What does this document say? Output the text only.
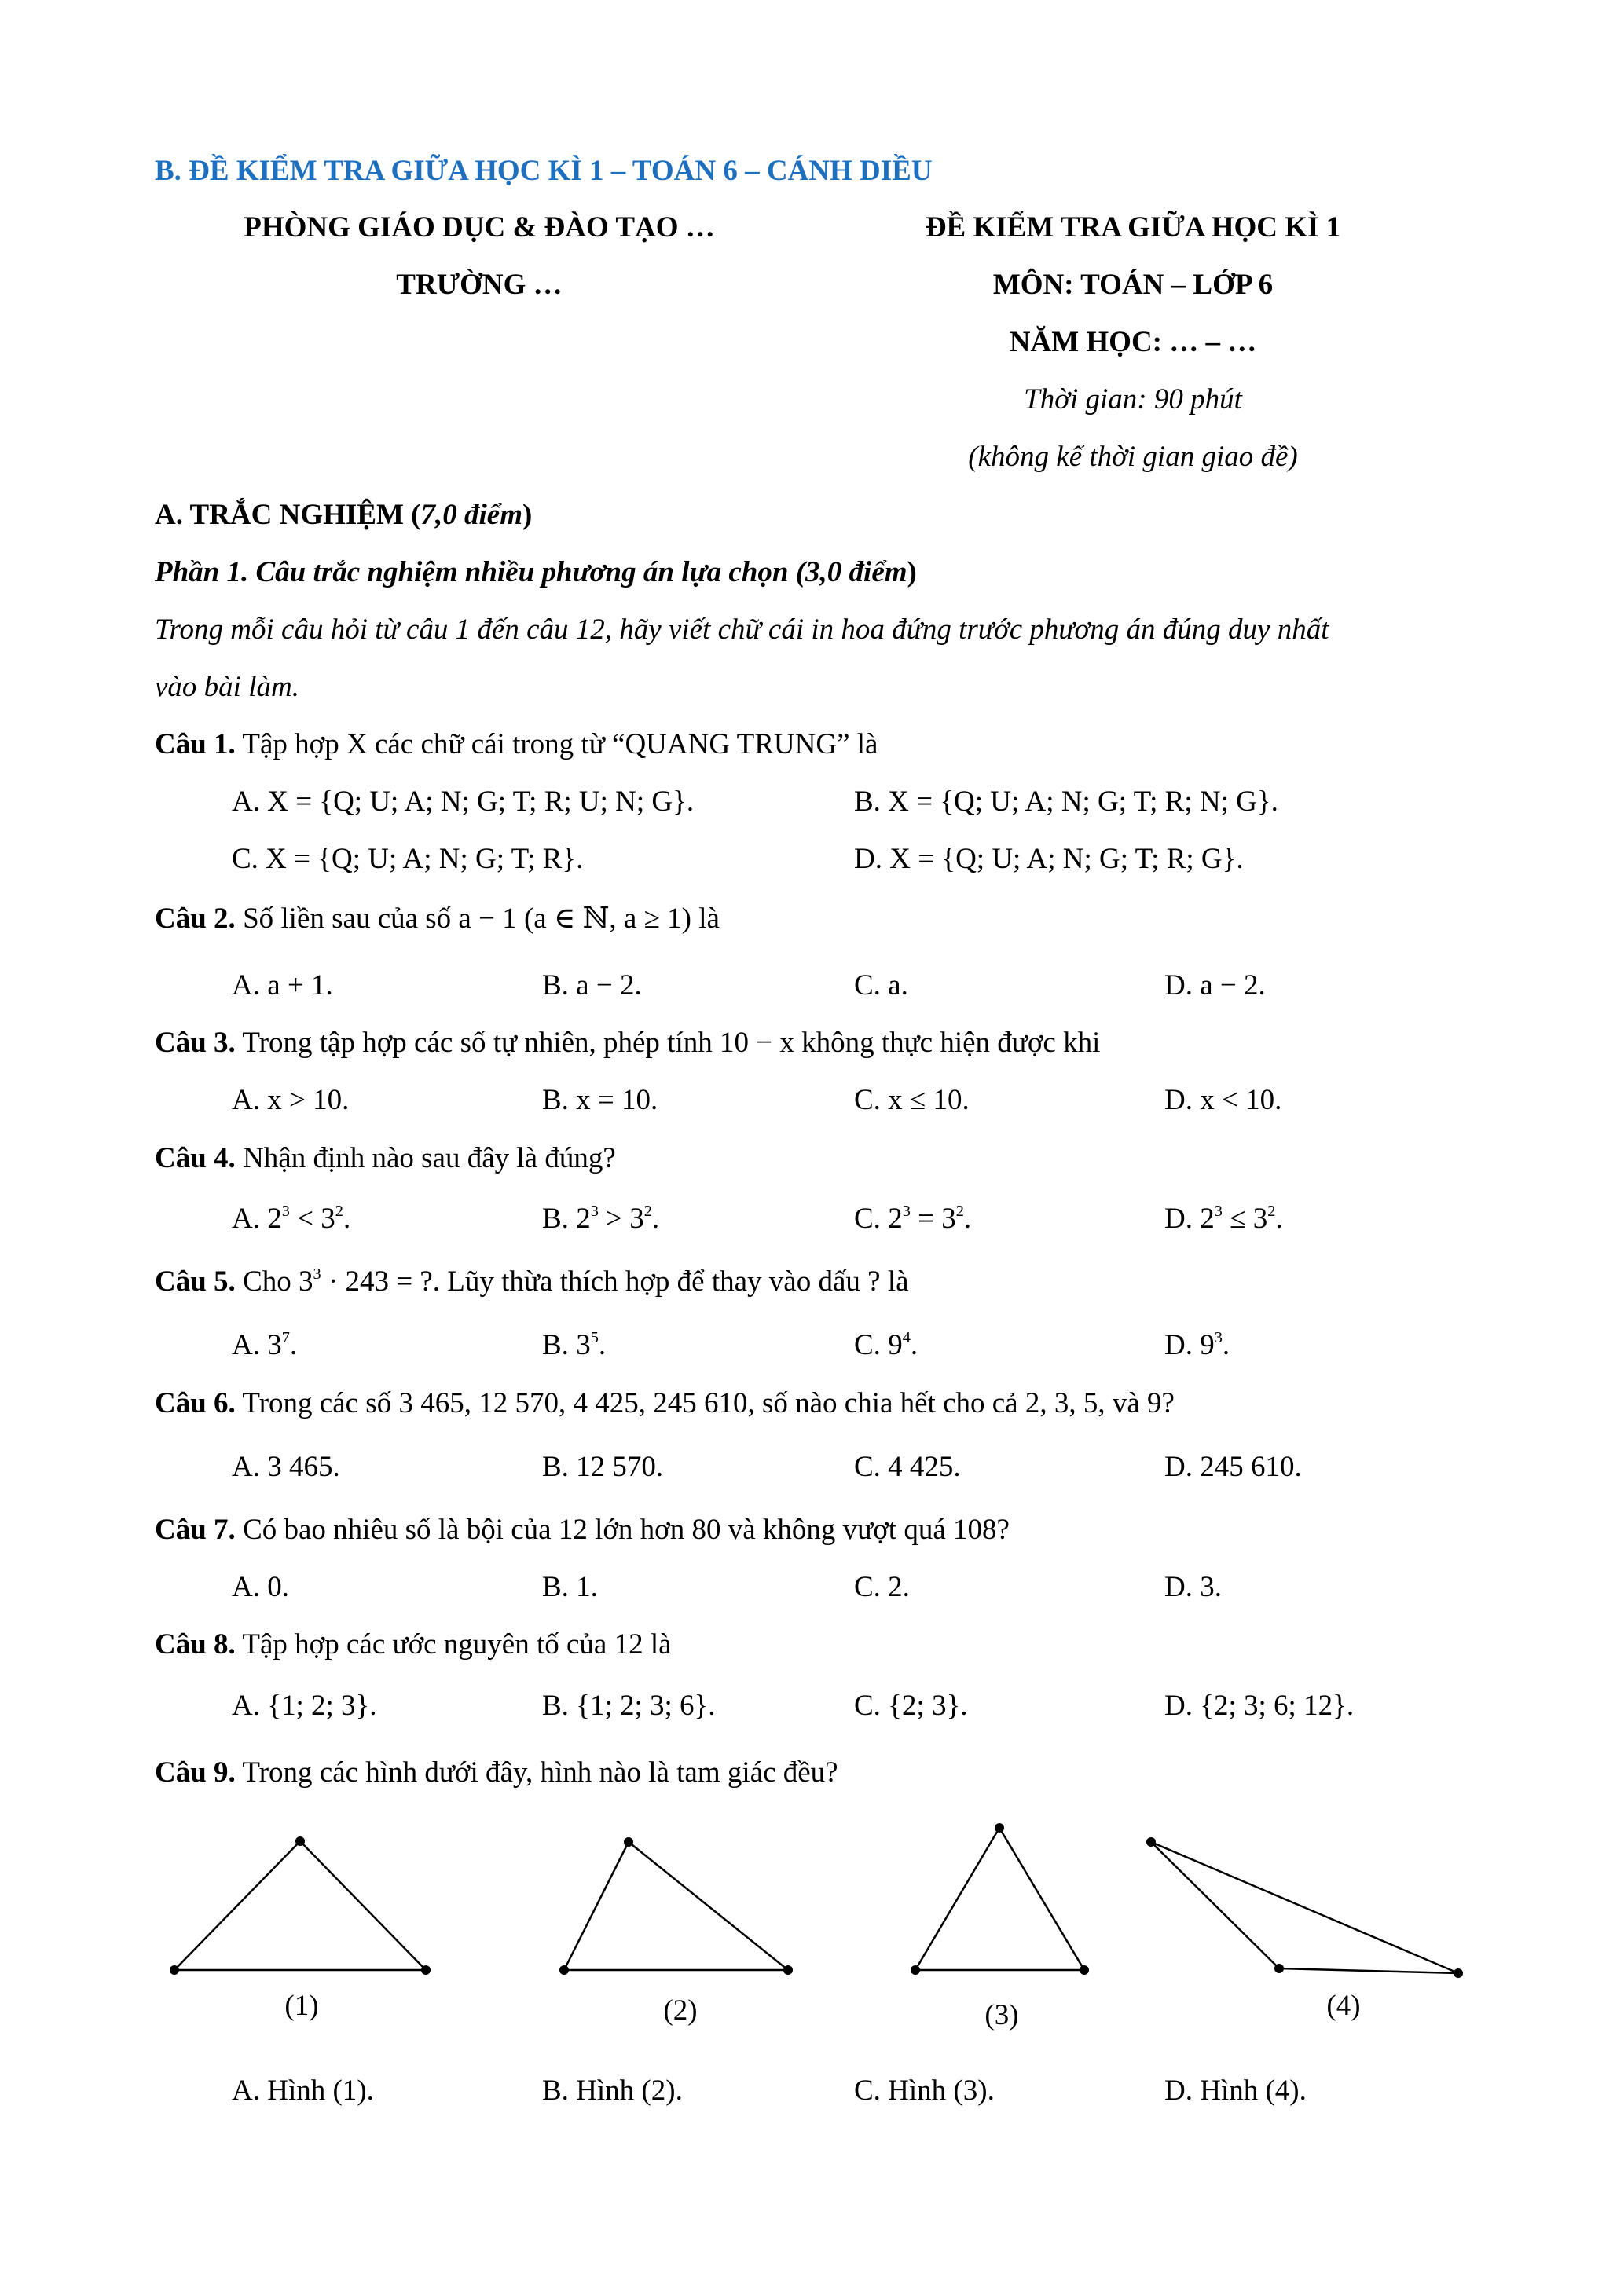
B. ĐỀ KIỂM TRA GIỮA HỌC KÌ 1 – TOÁN 6 – CÁNH DIỀU
PHÒNG GIÁO DỤC & ĐÀO TẠO …
TRƯỜNG …
ĐỀ KIỂM TRA GIỮA HỌC KÌ 1
MÔN: TOÁN – LỚP 6
NĂM HỌC: … – …
Thời gian: 90 phút
(không kể thời gian giao đề)
A. TRẮC NGHIỆM (7,0 điểm)
Phần 1. Câu trắc nghiệm nhiều phương án lựa chọn (3,0 điểm)
Trong mỗi câu hỏi từ câu 1 đến câu 12, hãy viết chữ cái in hoa đứng trước phương án đúng duy nhất
vào bài làm.
Câu 1. Tập hợp X các chữ cái trong từ “QUANG TRUNG” là
A. X = {Q; U; A; N; G; T; R; U; N; G}.	B. X = {Q; U; A; N; G; T; R; N; G}.
C. X = {Q; U; A; N; G; T; R}.	D. X = {Q; U; A; N; G; T; R; G}.
Câu 2. Số liền sau của số a − 1 (a ∈ ℕ, a ≥ 1) là
A. a + 1.	B. a − 2.	C. a.	D. a − 2.
Câu 3. Trong tập hợp các số tự nhiên, phép tính 10 − x không thực hiện được khi
A. x > 10.	B. x = 10.	C. x ≤ 10.	D. x < 10.
Câu 4. Nhận định nào sau đây là đúng?
A. $2^3 < 3^2$.	B. $2^3 > 3^2$.	C. $2^3 = 3^2$.	D. $2^3 \le 3^2$.
Câu 5. Cho $3^3 \cdot 243$ = ?. Lũy thừa thích hợp để thay vào dấu ? là
A. $3^7$.	B. $3^5$.	C. $9^4$.	D. $9^3$.
Câu 6. Trong các số 3 465, 12 570, 4 425, 245 610, số nào chia hết cho cả 2, 3, 5, và 9?
A. 3 465.	B. 12 570.	C. 4 425.	D. 245 610.
Câu 7. Có bao nhiêu số là bội của 12 lớn hơn 80 và không vượt quá 108?
A. 0.	B. 1.	C. 2.	D. 3.
Câu 8. Tập hợp các ước nguyên tố của 12 là
A. {1; 2; 3}.	B. {1; 2; 3; 6}.	C. {2; 3}.	D. {2; 3; 6; 12}.
Câu 9. Trong các hình dưới đây, hình nào là tam giác đều?
(1)	(2)	(3)	(4)
A. Hình (1).	B. Hình (2).	C. Hình (3).	D. Hình (4).
